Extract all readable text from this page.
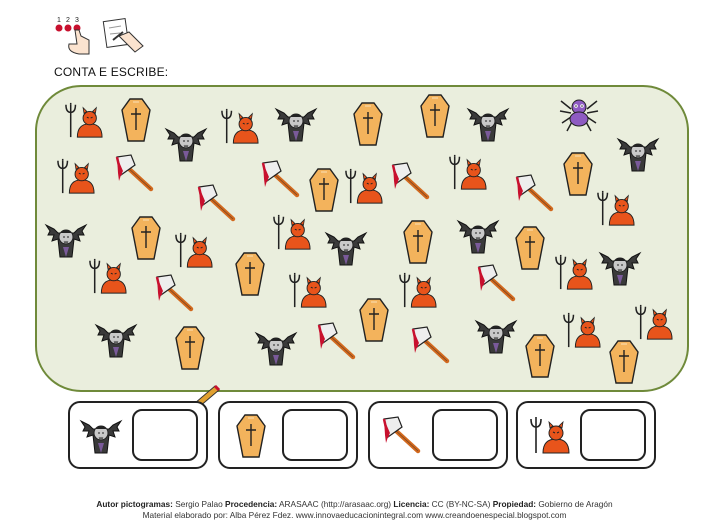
1 2 3
CONTA E ESCRIBE:
Autor pictogramas: Sergio Palao Procedencia: ARASAAC (http://arasaac.org) Licencia: CC (BY-NC-SA) Propiedad: Gobierno de Aragón
Material elaborado por: Alba Pérez Fdez. www.innovaeducacionintegral.com www.creandoenespecial.blogspot.com
